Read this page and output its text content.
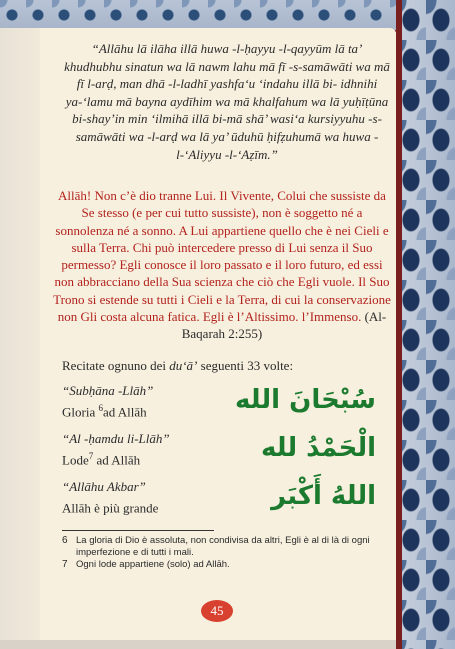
“Allāhu lā ilāha illā huwa -l-ḥayyu -l-qayyūm lā ta’ khudhubhu sinatun wa lā nawm lahu mā fī -s-samāwāti wa mā fī l-arḍ, man dhā -l-ladhī yashfa‘u ‘indahu illā bi- idhnihi ya-‘lamu mā bayna aydīhim wa mā khalfahum wa lā yuḥīṭūna bi-shay’in min ‘ilmihā illā bi-mā shā’ wasi‘a kursiyyuhu -s-samāwāti wa -l-arḍ wa lā ya’ ūduhū ḥifẓuhumā wa huwa -l-‘Aliyyu -l-‘Aẓīm.”

Allāh! Non c’è dio tranne Lui. Il Vivente, Colui che sussiste da Se stesso (e per cui tutto sussiste), non è soggetto né a sonnolenza né a sonno. A Lui appartiene quello che è nei Cieli e sulla Terra. Chi può intercedere presso di Lui senza il Suo permesso? Egli conosce il loro passato e il loro futuro, ed essi non abbracciano della Sua scienza che ciò che Egli vuole. Il Suo Trono si estende su tutti i Cieli e la Terra, di cui la conservazione non Gli costa alcuna fatica. Egli è l’Altissimo. l’Immenso. (Al-Baqarah 2:255)

Recitate ognuno dei du‘ā’ seguenti 33 volte:

“Subḥāna -Llāh”
Gloria $^6$ad Allāh	سُبْحَانَ الله
“Al -ḥamdu li-Llāh”
Lode$^7$ ad Allāh	الْحَمْدُ لله
“Allāhu Akbar”
Allāh è più grande	اللهُ أَكْبَر
6 La gloria di Dio è assoluta, non condivisa da altri, Egli è al di là di ogni imperfezione e di tutti i mali.
7 Ogni lode appartiene (solo) ad Allāh.
45
